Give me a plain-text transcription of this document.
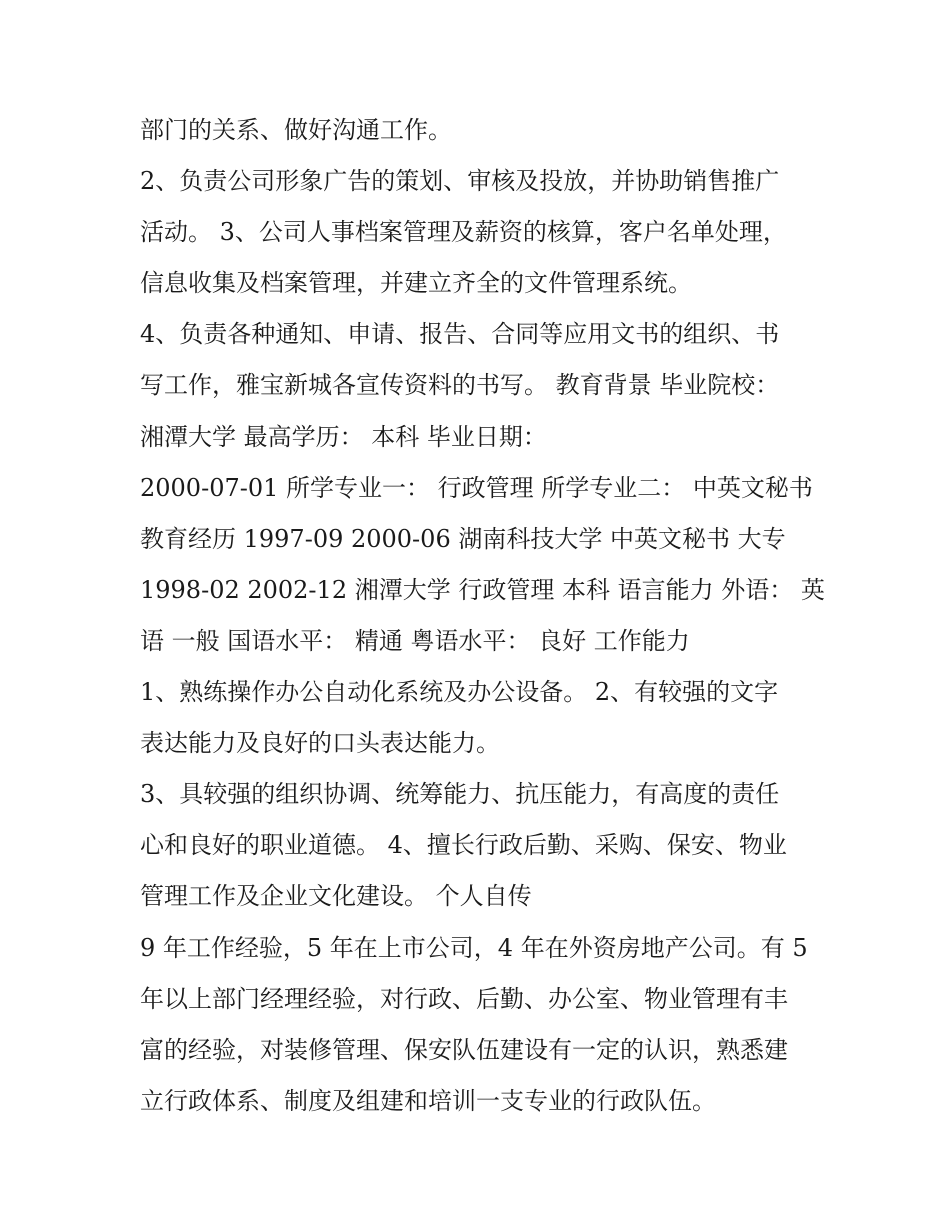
部门的关系、做好沟通工作。
2、负责公司形象广告的策划、审核及投放，并协助销售推广
活动。 3、公司人事档案管理及薪资的核算，客户名单处理，
信息收集及档案管理，并建立齐全的文件管理系统。
4、负责各种通知、申请、报告、合同等应用文书的组织、书
写工作，雅宝新城各宣传资料的书写。 教育背景 毕业院校：
湘潭大学 最高学历： 本科 毕业日期：
2000-07-01 所学专业一： 行政管理 所学专业二： 中英文秘书
教育经历 1997-09 2000-06 湖南科技大学 中英文秘书 大专
1998-02 2002-12 湘潭大学 行政管理 本科 语言能力 外语： 英
语 一般 国语水平： 精通 粤语水平： 良好 工作能力
1、熟练操作办公自动化系统及办公设备。 2、有较强的文字
表达能力及良好的口头表达能力。
3、具较强的组织协调、统筹能力、抗压能力，有高度的责任
心和良好的职业道德。 4、擅长行政后勤、采购、保安、物业
管理工作及企业文化建设。 个人自传
9 年工作经验，5 年在上市公司，4 年在外资房地产公司。有 5
年以上部门经理经验，对行政、后勤、办公室、物业管理有丰
富的经验，对装修管理、保安队伍建设有一定的认识，熟悉建
立行政体系、制度及组建和培训一支专业的行政队伍。
